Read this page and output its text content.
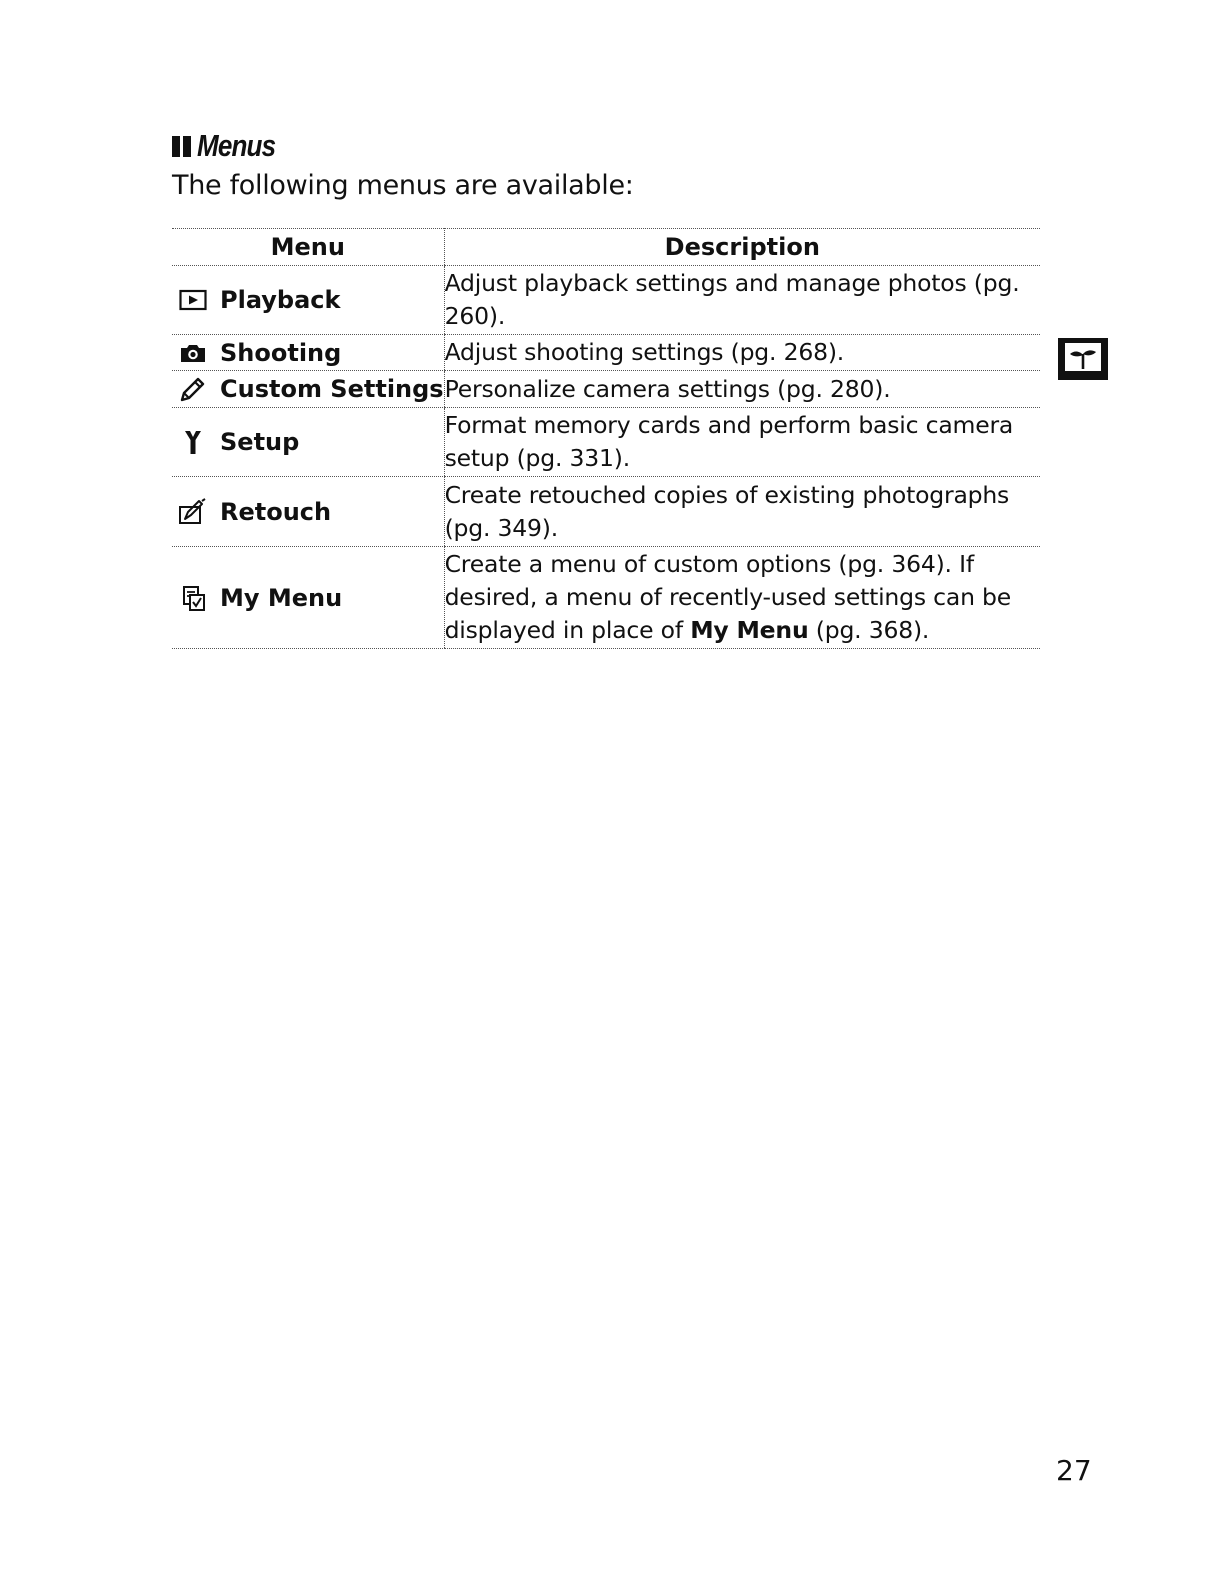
Menus
The following menus are available:
Menu	Description

Playback	Adjust playback settings and manage photos (pg. 260).

Shooting	Adjust shooting settings (pg. 268).

Custom Settings	Personalize camera settings (pg. 280).

Setup	Format memory cards and perform basic camera setup (pg. 331).

Retouch	Create retouched copies of existing photographs (pg. 349).

My Menu	Create a menu of custom options (pg. 364). If desired, a menu of recently-used settings can be displayed in place of My Menu (pg. 368).
27
